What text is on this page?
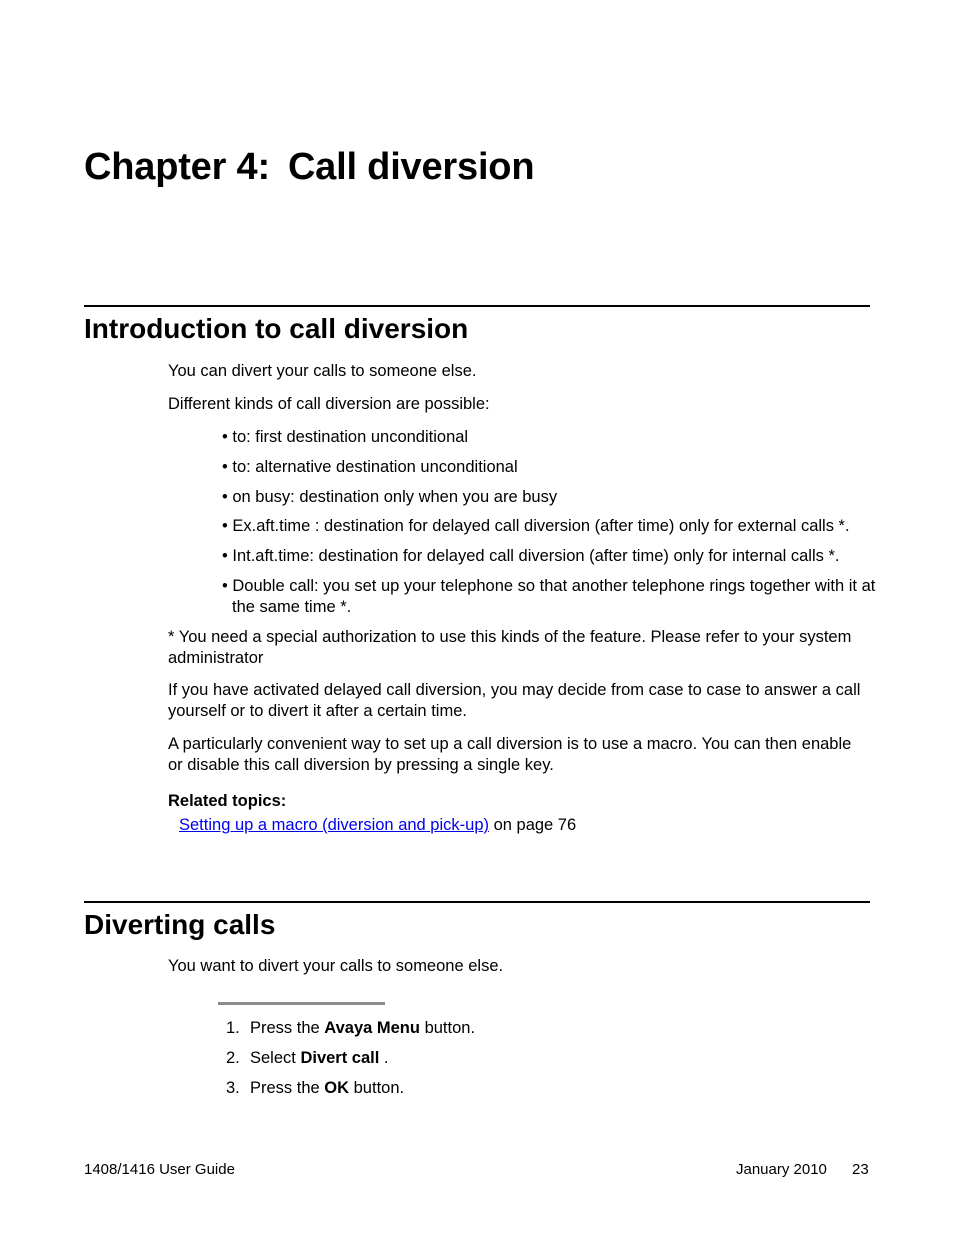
Chapter 4: Call diversion
Introduction to call diversion

You can divert your calls to someone else.

Different kinds of call diversion are possible:

• to: first destination unconditional

• to: alternative destination unconditional

• on busy: destination only when you are busy

• Ex.aft.time : destination for delayed call diversion (after time) only for external calls *.

• Int.aft.time: destination for delayed call diversion (after time) only for internal calls *.

• Double call: you set up your telephone so that another telephone rings together with it at the same time *.

* You need a special authorization to use this kinds of the feature. Please refer to your system administrator

If you have activated delayed call diversion, you may decide from case to case to answer a call yourself or to divert it after a certain time.

A particularly convenient way to set up a call diversion is to use a macro. You can then enable or disable this call diversion by pressing a single key.

Related topics:

Setting up a macro (diversion and pick-up) on page 76

Diverting calls

You want to divert your calls to someone else.

1. Press the Avaya Menu button.

2. Select Divert call .

3. Press the OK button.

1408/1416 User Guide	January 2010 23
